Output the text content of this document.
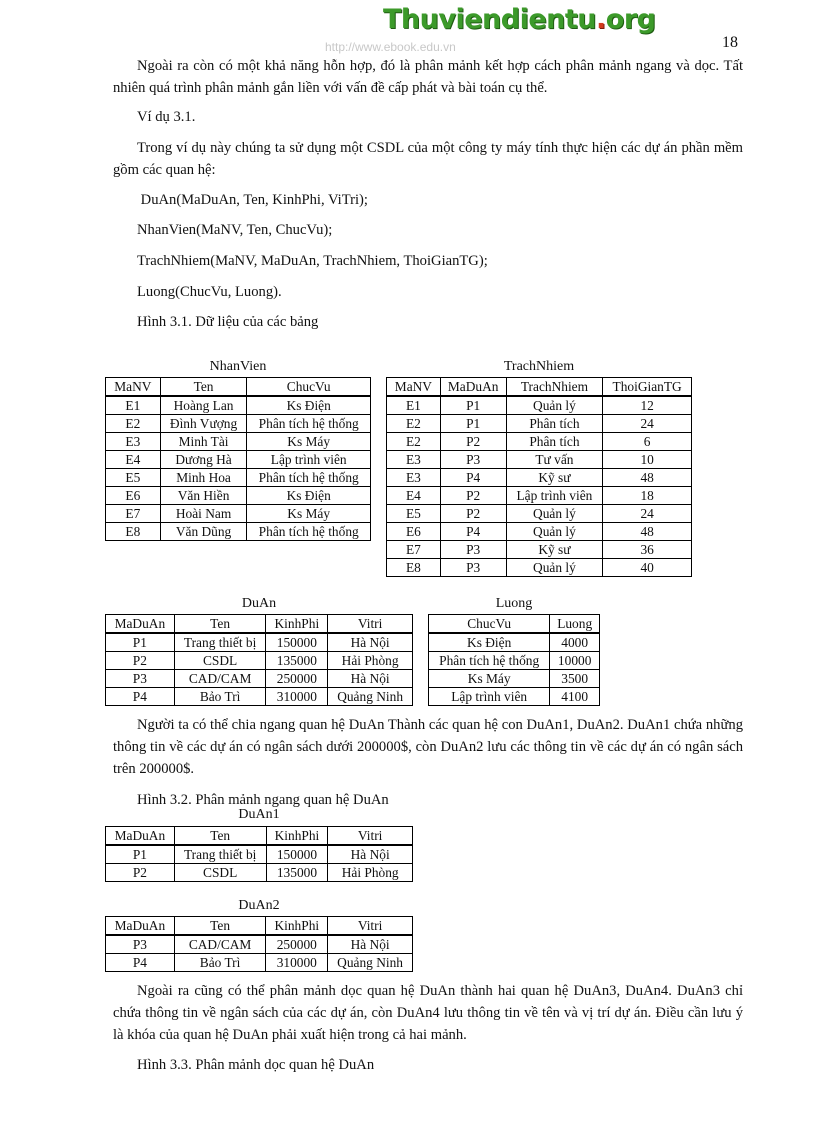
Thuviendientu.org
http://www.ebook.edu.vn	18
Ngoài ra còn có một khả năng hỗn hợp, đó là phân mảnh kết hợp cách phân mảnh ngang và dọc. Tất nhiên quá trình phân mảnh gắn liền với vấn đề cấp phát và bài toán cụ thể.
Ví dụ 3.1.
Trong ví dụ này chúng ta sử dụng một CSDL của một công ty máy tính thực hiện các dự án phần mềm gồm các quan hệ:
DuAn(MaDuAn, Ten, KinhPhi, ViTri);
NhanVien(MaNV, Ten, ChucVu);
TrachNhiem(MaNV, MaDuAn, TrachNhiem, ThoiGianTG);
Luong(ChucVu, Luong).
Hình 3.1. Dữ liệu của các bảng
NhanVien	TrachNhiem
DuAn	Luong
DuAn1
DuAn2
MaNV	Ten	ChucVu
E1	Hoàng Lan	Ks Điện
E2	Đình Vượng	Phân tích hệ thống
E3	Minh Tài	Ks Máy
E4	Dương Hà	Lập trình viên
E5	Minh Hoa	Phân tích hệ thống
E6	Văn Hiền	Ks Điện
E7	Hoài Nam	Ks Máy
E8	Văn Dũng	Phân tích hệ thống
MaNV	MaDuAn	TrachNhiem	ThoiGianTG
E1	P1	Quản lý	12
E2	P1	Phân tích	24
E2	P2	Phân tích	6
E3	P3	Tư vấn	10
E3	P4	Kỹ sư	48
E4	P2	Lập trình viên	18
E5	P2	Quản lý	24
E6	P4	Quản lý	48
E7	P3	Kỹ sư	36
E8	P3	Quản lý	40
MaDuAn	Ten	KinhPhi	Vitri
P1	Trang thiết bị	150000	Hà Nội
P2	CSDL	135000	Hải Phòng
P3	CAD/CAM	250000	Hà Nội
P4	Bảo Trì	310000	Quảng Ninh
ChucVu	Luong
Ks Điện	4000
Phân tích hệ thống	10000
Ks Máy	3500
Lập trình viên	4100
Người ta có thể chia ngang quan hệ DuAn Thành các quan hệ con DuAn1, DuAn2. DuAn1 chứa những thông tin về các dự án có ngân sách dưới 200000$, còn DuAn2 lưu các thông tin về các dự án có ngân sách trên 200000$.
Hình 3.2. Phân mảnh ngang quan hệ DuAn
MaDuAn	Ten	KinhPhi	Vitri
P1	Trang thiết bị	150000	Hà Nội
P2	CSDL	135000	Hải Phòng
MaDuAn	Ten	KinhPhi	Vitri
P3	CAD/CAM	250000	Hà Nội
P4	Bảo Trì	310000	Quảng Ninh
Ngoài ra cũng có thể phân mảnh dọc quan hệ DuAn thành hai quan hệ DuAn3, DuAn4. DuAn3 chỉ chứa thông tin về ngân sách của các dự án, còn DuAn4 lưu thông tin về tên và vị trí dự án. Điều cần lưu ý là khóa của quan hệ DuAn phải xuất hiện trong cả hai mảnh.
Hình 3.3. Phân mảnh dọc quan hệ DuAn
